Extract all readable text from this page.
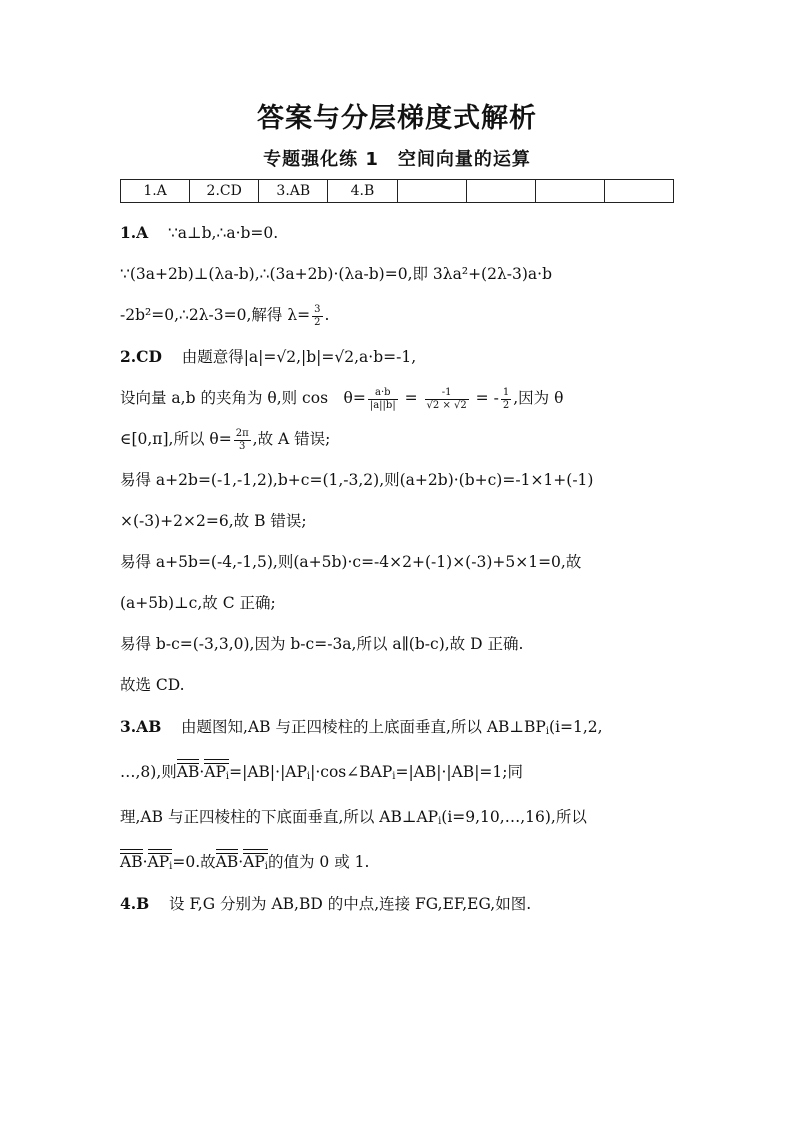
答案与分层梯度式解析
专题强化练 1　空间向量的运算
1.A	2.CD	3.AB	4.B				

1.A ∵a⊥b,∴a·b=0.

∵(3a+2b)⊥(λa-b),∴(3a+2b)·(λa-b)=0,即 3λa²+(2λ-3)a·b

-2b²=0,∴2λ-3=0,解得 $\lambda= \frac{3}{2}$ .

2.CD 由题意得|a|=√2,|b|=√2,a·b=-1,

设向量 a,b 的夹角为 θ,则 cos　$\theta= \frac{a\cdot b}{|a||b|} = \frac{-1}{√2 \times √2}$ = - $\frac{1}{2}$ ,因为 θ

∈[0,π],所以 $\theta= \frac{2\pi}{3}$ ,故 A 错误;

易得 a+2b=(-1,-1,2),b+c=(1,-3,2),则(a+2b)·(b+c)=-1×1+(-1)

×(-3)+2×2=6,故 B 错误;

易得 a+5b=(-4,-1,5),则(a+5b)·c=-4×2+(-1)×(-3)+5×1=0,故

(a+5b)⊥c,故 C 正确;

易得 b-c=(-3,3,0),因为 b-c=-3a,所以 a∥(b-c),故 D 正确.

故选 CD.

3.AB 由题图知,AB 与正四棱柱的上底面垂直,所以 $AB\perp BP_i(i=1,2$,

…,8),则$AB\cdot AP_i=|AB|\cdot|AP_i|\cdot\cos\angle BAP_i=|AB|\cdot|AB|=1$;同

理,AB 与正四棱柱的下底面垂直,所以 $AB\perp AP_i(i=9,10,\dots,16)$,所以

$AB\cdot AP_i=0$.故$AB\cdot AP_i$的值为 0 或 1.

4.B 设 F,G 分别为 AB,BD 的中点,连接 FG,EF,EG,如图.
